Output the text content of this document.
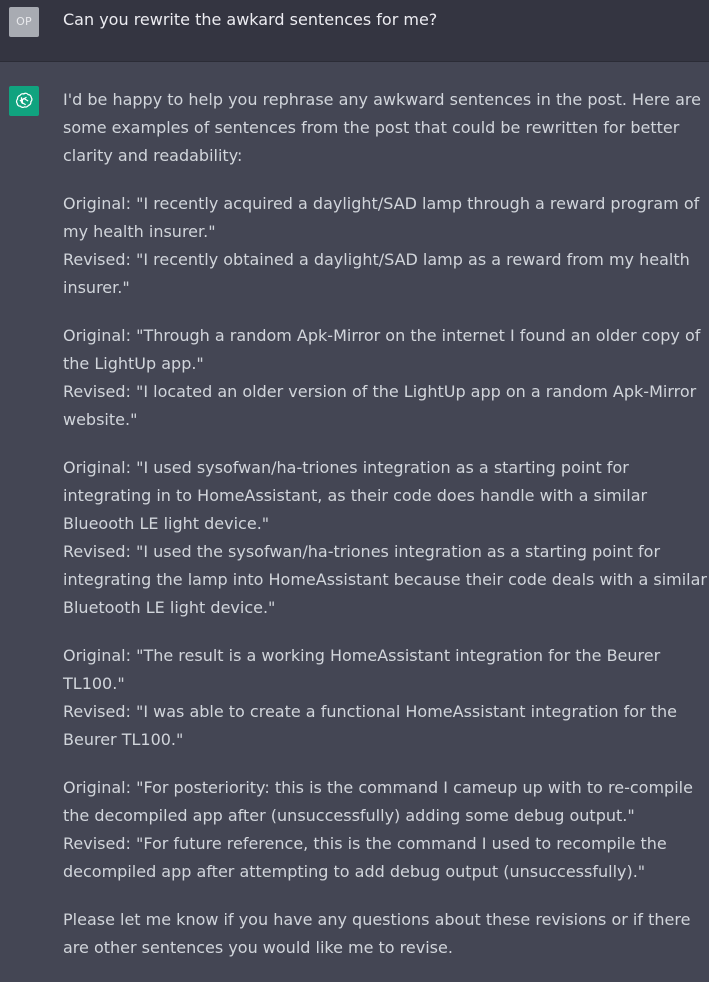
OP	Can you rewrite the awkard sentences for me?

I'd be happy to help you rephrase any awkward sentences in the post. Here are some examples of sentences from the post that could be rewritten for better clarity and readability:

Original: "I recently acquired a daylight/SAD lamp through a reward program of my health insurer."
Revised: "I recently obtained a daylight/SAD lamp as a reward from my health insurer."

Original: "Through a random Apk-Mirror on the internet I found an older copy of the LightUp app."
Revised: "I located an older version of the LightUp app on a random Apk-Mirror website."

Original: "I used sysofwan/ha-triones integration as a starting point for integrating in to HomeAssistant, as their code does handle with a similar Blueooth LE light device."
Revised: "I used the sysofwan/ha-triones integration as a starting point for integrating the lamp into HomeAssistant because their code deals with a similar Bluetooth LE light device."

Original: "The result is a working HomeAssistant integration for the Beurer TL100."
Revised: "I was able to create a functional HomeAssistant integration for the Beurer TL100."

Original: "For posteriority: this is the command I cameup up with to re-compile the decompiled app after (unsuccessfully) adding some debug output."
Revised: "For future reference, this is the command I used to recompile the decompiled app after attempting to add debug output (unsuccessfully)."

Please let me know if you have any questions about these revisions or if there are other sentences you would like me to revise.
